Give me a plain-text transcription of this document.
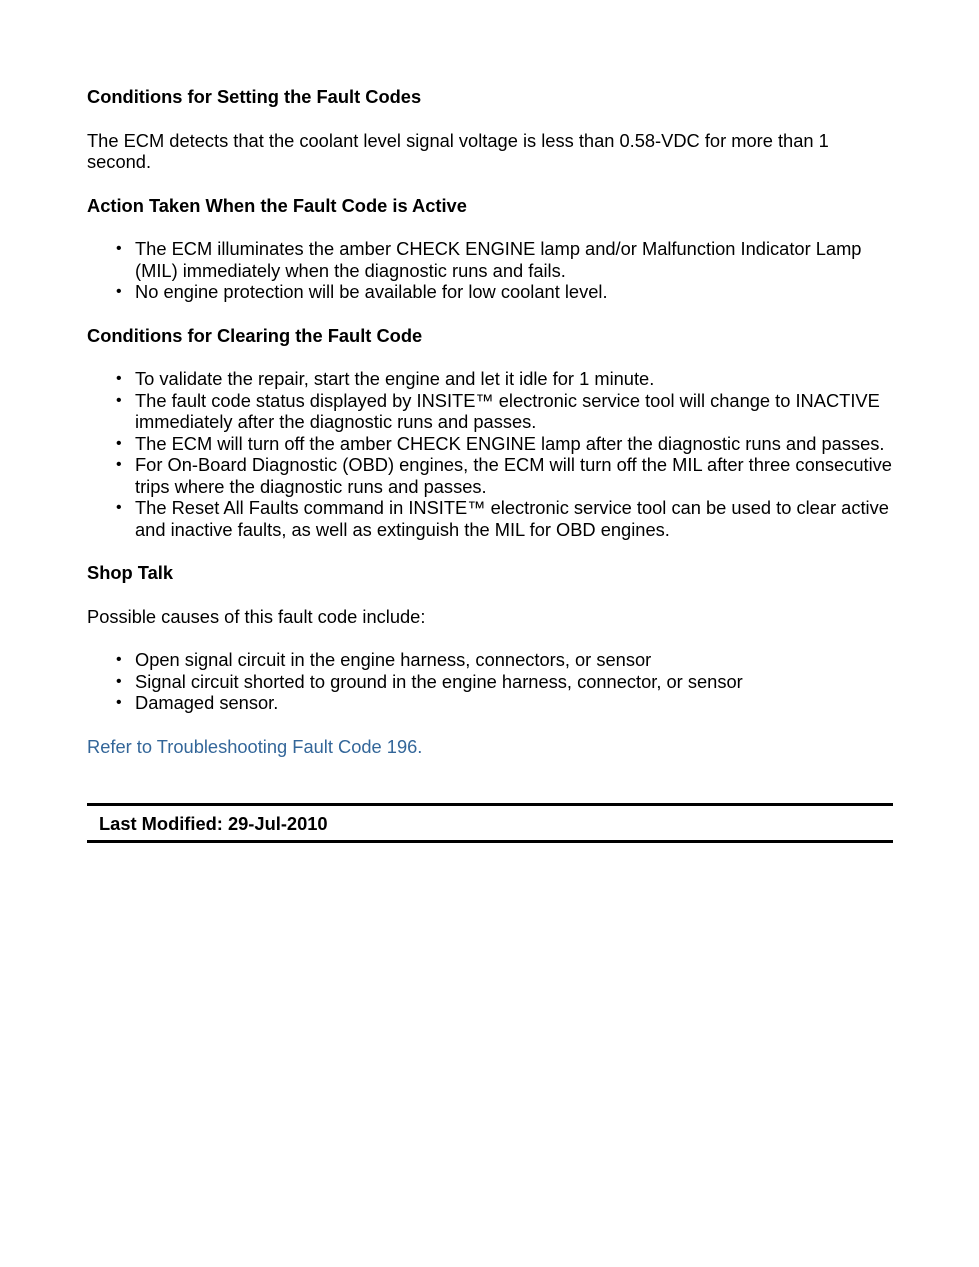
Conditions for Setting the Fault Codes

The ECM detects that the coolant level signal voltage is less than 0.58-VDC for more than 1 second.

Action Taken When the Fault Code is Active
• The ECM illuminates the amber CHECK ENGINE lamp and/or Malfunction Indicator Lamp (MIL) immediately when the diagnostic runs and fails.
• No engine protection will be available for low coolant level.
Conditions for Clearing the Fault Code
• To validate the repair, start the engine and let it idle for 1 minute.
• The fault code status displayed by INSITE™ electronic service tool will change to INACTIVE immediately after the diagnostic runs and passes.
• The ECM will turn off the amber CHECK ENGINE lamp after the diagnostic runs and passes.
• For On-Board Diagnostic (OBD) engines, the ECM will turn off the MIL after three consecutive trips where the diagnostic runs and passes.
• The Reset All Faults command in INSITE™ electronic service tool can be used to clear active and inactive faults, as well as extinguish the MIL for OBD engines.
Shop Talk

Possible causes of this fault code include:

• Open signal circuit in the engine harness, connectors, or sensor
• Signal circuit shorted to ground in the engine harness, connector, or sensor
• Damaged sensor.
Refer to Troubleshooting Fault Code 196.
Last Modified: 29-Jul-2010
